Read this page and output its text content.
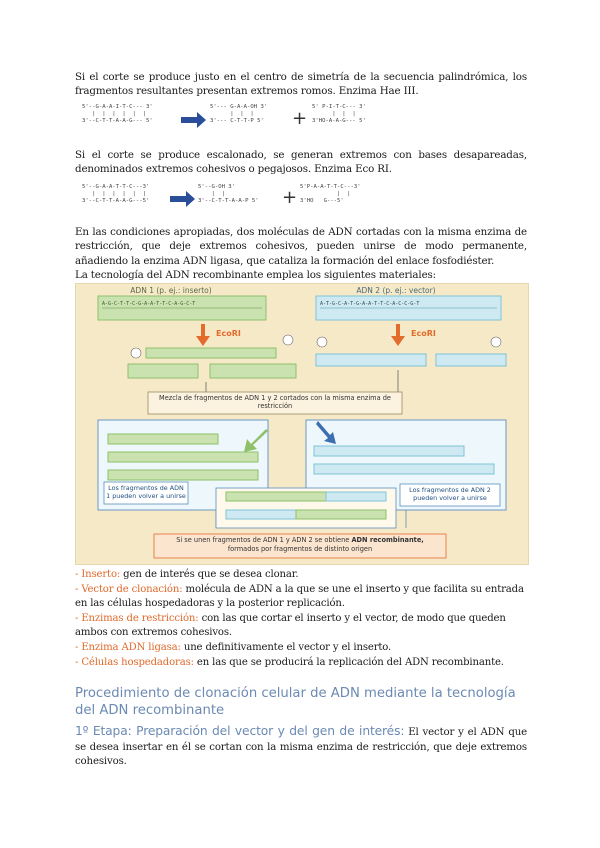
Si el corte se produce justo en el centro de simetría de la secuencia palindrómica, los fragmentos resultantes presentan extremos romos. Enzima Hae III.

5'--G-A-A-I-T-C--- 3'
|  |  |  |  |  |
3'--C-T-T-A-A-G--- 5'
5'--- G-A-A-OH 3'
|  |  |
3'--- C-T-T-P 5' +
5' P-I-T-C--- 3'
|  |  |
3'HO-A-A-G--- 5'

Si el corte se produce escalonado, se generan extremos con bases desapareadas, denominados extremos cohesivos o pegajosos. Enzima Eco RI.

5'--G-A-A-T-T-C---3'
|  |  |  |  |  |
3'--C-T-T-A-A-G---5'
5'--G-OH 3'
|  |
3'--C-T-T-A-A-P 5' + 5'P-A-A-T-T-C---3'
|  |
3'HO   G---5'

En las condiciones apropiadas, dos moléculas de ADN cortadas con la misma enzima de restricción, que deje extremos cohesivos, pueden unirse de modo permanente, añadiendo la enzima ADN ligasa, que cataliza la formación del enlace fosfodiéster.

La tecnología del ADN recombinante emplea los siguientes materiales:

ADN 1 (p. ej.: inserto)	ADN 2 (p. ej.: vector)
A-G-C-T-T-C-G-A-A-T-T-C-A-G-C-T	A-T-G-C-A-T-G-A-A-T-T-C-A-C-C-G-T
EcoRI	EcoRI
Mezcla de fragmentos de ADN 1 y 2 cortados con la misma enzima de restricción
Los fragmentos de ADN 1 pueden volver a unirse
Los fragmentos de ADN 2 pueden volver a unirse
Si se unen fragmentos de ADN 1 y ADN 2 se obtiene ADN recombinante,
formados por fragmentos de distinto origen
- Inserto: gen de interés que se desea clonar.
- Vector de clonación: molécula de ADN a la que se une el inserto y que facilita su entrada en las células hospedadoras y la posterior replicación.
- Enzimas de restricción: con las que cortar el inserto y el vector, de modo que queden ambos con extremos cohesivos.
- Enzima ADN ligasa: une definitivamente el vector y el inserto.
- Células hospedadoras: en las que se producirá la replicación del ADN recombinante.
Procedimiento de clonación celular de ADN mediante la tecnología del ADN recombinante

1º Etapa: Preparación del vector y del gen de interés: El vector y el ADN que se desea insertar en él se cortan con la misma enzima de restricción, que deje extremos cohesivos.
